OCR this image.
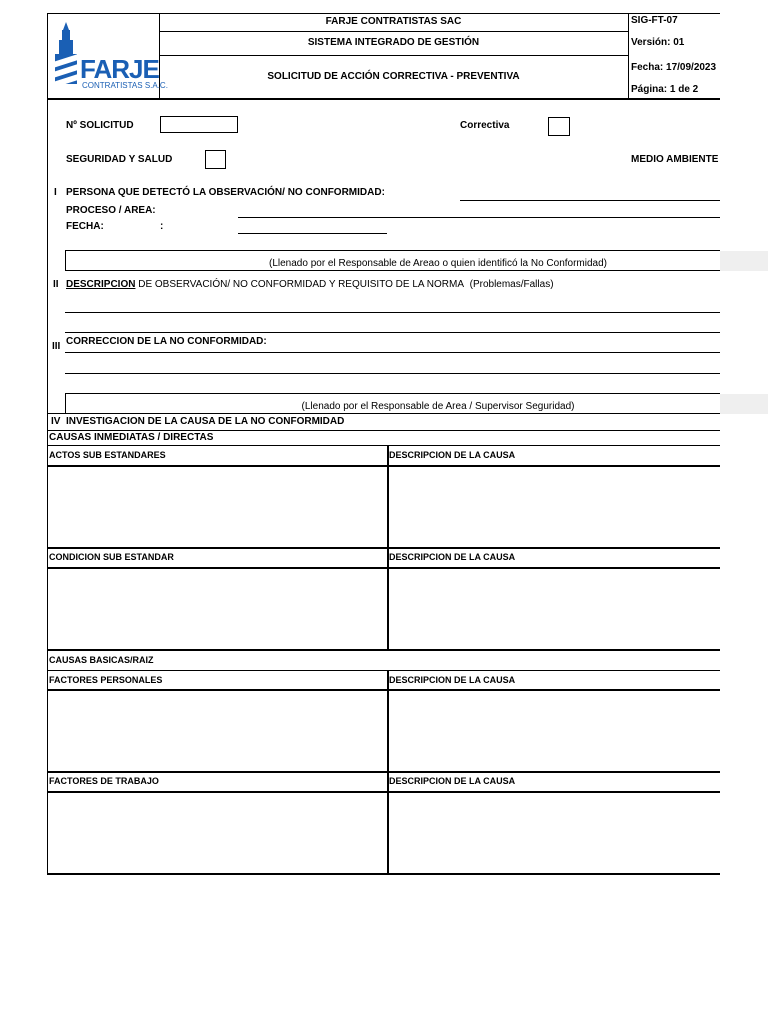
FARJE
CONTRATISTAS S.A.C.
FARJE CONTRATISTAS SAC
SISTEMA INTEGRADO DE GESTIÓN
SOLICITUD DE ACCIÓN CORRECTIVA - PREVENTIVA
SIG-FT-07
Versión: 01
Fecha: 17/09/2023
Página: 1 de 2
Nº SOLICITUD	Correctiva
SEGURIDAD Y SALUD	MEDIO AMBIENTE
I PERSONA QUE DETECTÓ LA OBSERVACIÓN/ NO CONFORMIDAD:
PROCESO / AREA:
FECHA:	:
(Llenado por el Responsable de Areao o quien identificó la No Conformidad)
II DESCRIPCION DE OBSERVACIÓN/ NO CONFORMIDAD Y REQUISITO DE LA NORMA (Problemas/Fallas)
III CORRECCION DE LA NO CONFORMIDAD:
(Llenado por el Responsable de Area / Supervisor Seguridad)
IV  INVESTIGACION DE LA CAUSA DE LA NO CONFORMIDAD
CAUSAS INMEDIATAS / DIRECTAS
ACTOS SUB ESTANDARES	DESCRIPCION DE LA CAUSA
CONDICION SUB ESTANDAR	DESCRIPCION DE LA CAUSA
CAUSAS BASICAS/RAIZ
FACTORES PERSONALES	DESCRIPCION DE LA CAUSA
FACTORES DE TRABAJO	DESCRIPCION DE LA CAUSA
